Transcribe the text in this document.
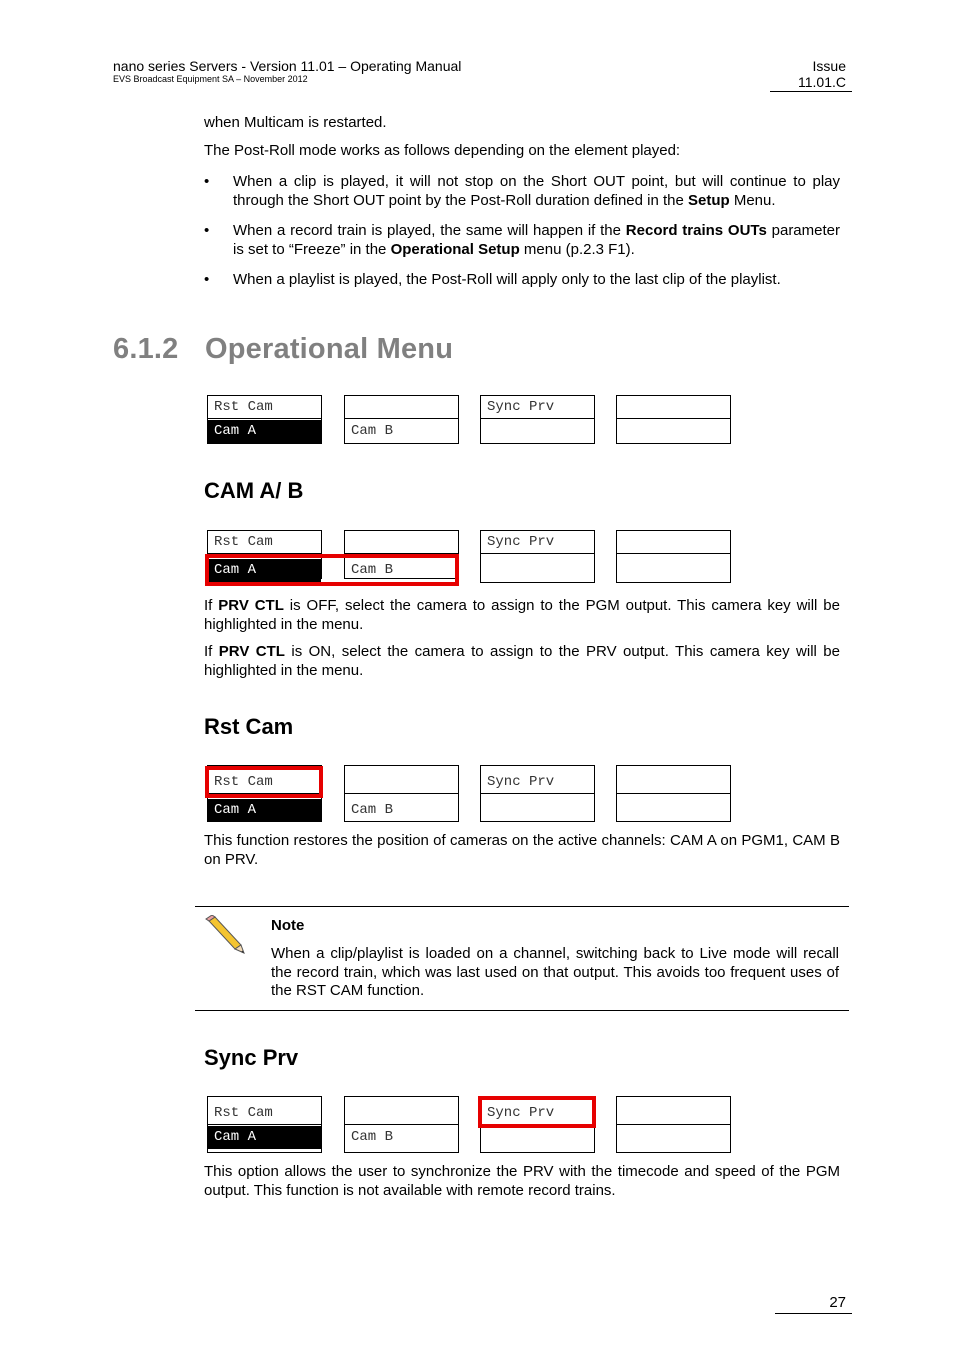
nano series Servers - Version 11.01 – Operating Manual
EVS Broadcast Equipment SA – November 2012
Issue
11.01.C
when Multicam is restarted.
The Post-Roll mode works as follows depending on the element played:
• When a clip is played, it will not stop on the Short OUT point, but will continue to play through the Short OUT point by the Post-Roll duration defined in the Setup Menu.
• When a record train is played, the same will happen if the Record trains OUTs parameter is set to “Freeze” in the Operational Setup menu (p.2.3 F1).
• When a playlist is played, the Post-Roll will apply only to the last clip of the playlist.
6.1.2 Operational Menu
Rst Cam
Cam A	Cam B
Sync Prv
CAM A/ B
Rst Cam
Cam A	Cam B
Sync Prv
If PRV CTL is OFF, select the camera to assign to the PGM output. This camera key will be highlighted in the menu.
If PRV CTL is ON, select the camera to assign to the PRV output. This camera key will be highlighted in the menu.
Rst Cam
Rst Cam
Cam A	Cam B
Sync Prv
This function restores the position of cameras on the active channels: CAM A on PGM1, CAM B on PRV.
Note
When a clip/playlist is loaded on a channel, switching back to Live mode will recall the record train, which was last used on that output. This avoids too frequent uses of the RST CAM function.
Sync Prv
Rst Cam
Cam A	Cam B
Sync Prv
This option allows the user to synchronize the PRV with the timecode and speed of the PGM output. This function is not available with remote record trains.
27
